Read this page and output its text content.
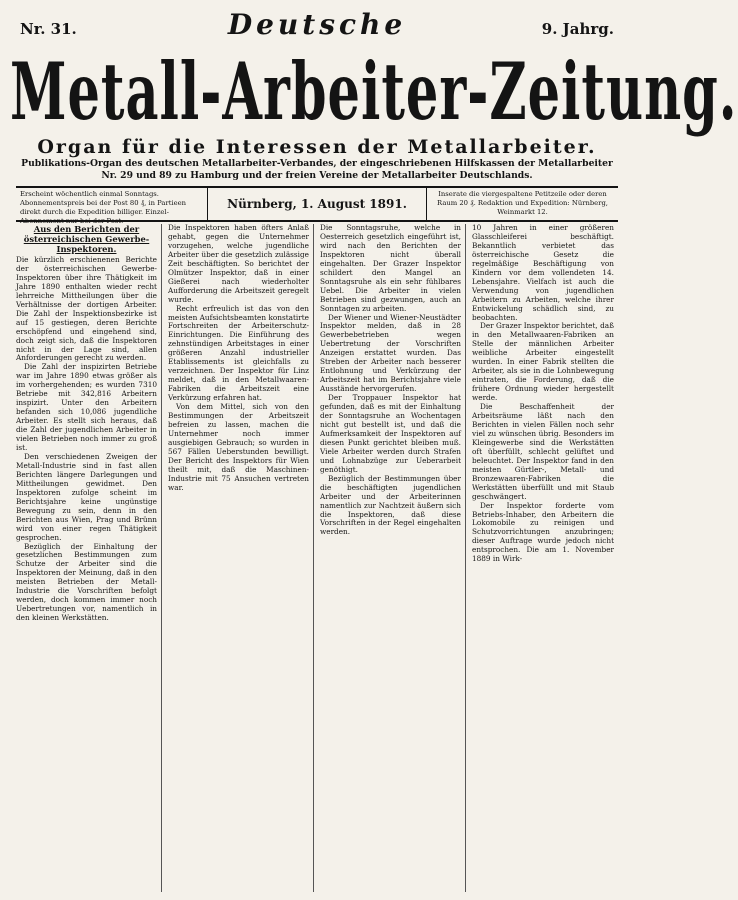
Nr. 31.	Deutsche	9. Jahrg.
Metall-Arbeiter-Zeitung.
Organ für die Interessen der Metallarbeiter.
Publikations-Organ des deutschen Metallarbeiter-Verbandes, der eingeschriebenen Hilfskassen der Metallarbeiter Nr. 29 und 89 zu Hamburg und der freien Vereine der Metallarbeiter Deutschlands.
Erscheint wöchentlich einmal Sonntags. Abonnementspreis bei der Post 80 ₰, in Partieen direkt durch die Expedition billiger. Einzel-Abonnement nur bei der Post.
Nürnberg, 1. August 1891.
Inserate die viergespaltene Petitzeile oder deren Raum 20 ₰. Redaktion und Expedition: Nürnberg, Weinmarkt 12.
Aus den Berichten der österreichischen Gewerbe-Inspektoren.

Die kürzlich erschienenen Berichte der österreichischen Gewerbe-Inspektoren über ihre Thätigkeit im Jahre 1890 enthalten wieder recht lehrreiche Mittheilungen über die Verhältnisse der dortigen Arbeiter. Die Zahl der Inspektionsbezirke ist auf 15 gestiegen, deren Berichte erschöpfend und eingehend sind, doch zeigt sich, daß die Inspektoren nicht in der Lage sind, allen Anforderungen gerecht zu werden.

Die Zahl der inspizirten Betriebe war im Jahre 1890 etwas größer als im vorhergehenden; es wurden 7310 Betriebe mit 342,816 Arbeitern inspizirt. Unter den Arbeitern befanden sich 10,086 jugendliche Arbeiter. Es stellt sich heraus, daß die Zahl der jugendlichen Arbeiter in vielen Betrieben noch immer zu groß ist.

Den verschiedenen Zweigen der Metall-Industrie sind in fast allen Berichten längere Darlegungen und Mittheilungen gewidmet. Den Inspektoren zufolge scheint im Berichtsjahre keine ungünstige Bewegung zu sein, denn in den Berichten aus Wien, Prag und Brünn wird von einer regen Thätigkeit gesprochen.

Bezüglich der Einhaltung der gesetzlichen Bestimmungen zum Schutze der Arbeiter sind die Inspektoren der Meinung, daß in den meisten Betrieben der Metall-Industrie die Vorschriften befolgt werden, doch kommen immer noch Uebertretungen vor, namentlich in den kleinen Werkstätten.

Die Inspektoren haben öfters Anlaß gehabt, gegen die Unternehmer vorzugehen, welche jugendliche Arbeiter über die gesetzlich zulässige Zeit beschäftigten. So berichtet der Olmützer Inspektor, daß in einer Gießerei nach wiederholter Aufforderung die Arbeitszeit geregelt wurde.

Recht erfreulich ist das von den meisten Aufsichtsbeamten konstatirte Fortschreiten der Arbeiterschutz-Einrichtungen. Die Einführung des zehnstündigen Arbeitstages in einer größeren Anzahl industrieller Etablissements ist gleichfalls zu verzeichnen. Der Inspektor für Linz meldet, daß in den Metallwaaren-Fabriken die Arbeitszeit eine Verkürzung erfahren hat.

Von dem Mittel, sich von den Bestimmungen der Arbeitszeit befreien zu lassen, machen die Unternehmer noch immer ausgiebigen Gebrauch; so wurden in 567 Fällen Ueberstunden bewilligt. Der Bericht des Inspektors für Wien theilt mit, daß die Maschinen-Industrie mit 75 Ansuchen vertreten war.

Die Sonntagsruhe, welche in Oesterreich gesetzlich eingeführt ist, wird nach den Berichten der Inspektoren nicht überall eingehalten. Der Grazer Inspektor schildert den Mangel an Sonntagsruhe als ein sehr fühlbares Uebel. Die Arbeiter in vielen Betrieben sind gezwungen, auch an Sonntagen zu arbeiten.

Der Wiener und Wiener-Neustädter Inspektor melden, daß in 28 Gewerbebetrieben wegen Uebertretung der Vorschriften Anzeigen erstattet wurden. Das Streben der Arbeiter nach besserer Entlohnung und Verkürzung der Arbeitszeit hat im Berichtsjahre viele Ausstände hervorgerufen.

Der Troppauer Inspektor hat gefunden, daß es mit der Einhaltung der Sonntagsruhe an Wochentagen nicht gut bestellt ist, und daß die Aufmerksamkeit der Inspektoren auf diesen Punkt gerichtet bleiben muß. Viele Arbeiter werden durch Strafen und Lohnabzüge zur Ueberarbeit genöthigt.

Bezüglich der Bestimmungen über die beschäftigten jugendlichen Arbeiter und der Arbeiterinnen namentlich zur Nachtzeit äußern sich die Inspektoren, daß diese Vorschriften in der Regel eingehalten werden.

10 Jahren in einer größeren Glasschleiferei beschäftigt. Bekanntlich verbietet das österreichische Gesetz die regelmäßige Beschäftigung von Kindern vor dem vollendeten 14. Lebensjahre. Vielfach ist auch die Verwendung von jugendlichen Arbeitern zu Arbeiten, welche ihrer Entwickelung schädlich sind, zu beobachten.

Der Grazer Inspektor berichtet, daß in den Metallwaaren-Fabriken an Stelle der männlichen Arbeiter weibliche Arbeiter eingestellt wurden. In einer Fabrik stellten die Arbeiter, als sie in die Lohnbewegung eintraten, die Forderung, daß die frühere Ordnung wieder hergestellt werde.

Die Beschaffenheit der Arbeitsräume läßt nach den Berichten in vielen Fällen noch sehr viel zu wünschen übrig. Besonders im Kleingewerbe sind die Werkstätten oft überfüllt, schlecht gelüftet und beleuchtet. Der Inspektor fand in den meisten Gürtler-, Metall- und Bronzewaaren-Fabriken die Werkstätten überfüllt und mit Staub geschwängert.

Der Inspektor forderte vom Betriebs-Inhaber, den Arbeitern die Lokomobile zu reinigen und Schutzvorrichtungen anzubringen; dieser Auftrage wurde jedoch nicht entsprochen. Die am 1. November 1889 in Wirk-
